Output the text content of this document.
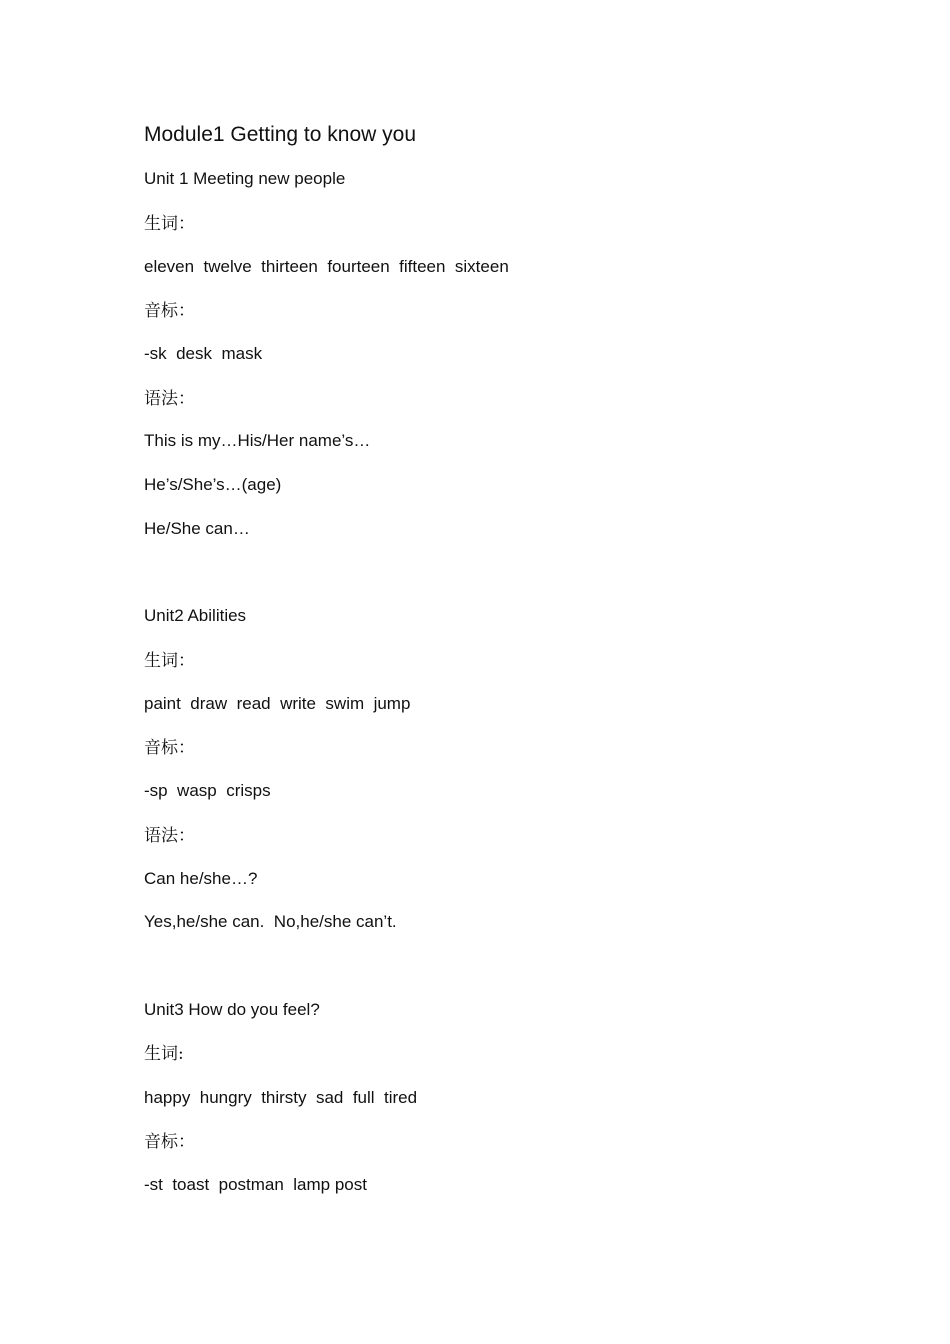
Module1 Getting to know you
Unit 1 Meeting new people
生词：
eleven  twelve  thirteen  fourteen  fifteen  sixteen
音标：
-sk  desk  mask
语法：
This is my…His/Her name’s…
He’s/She’s…(age)
He/She can…
Unit2 Abilities
生词：
paint  draw  read  write  swim  jump
音标：
-sp  wasp  crisps
语法：
Can he/she…?
Yes,he/she can.  No,he/she can’t.
Unit3 How do you feel?
生词:
happy  hungry  thirsty  sad  full  tired
音标：
-st  toast  postman  lamp post
